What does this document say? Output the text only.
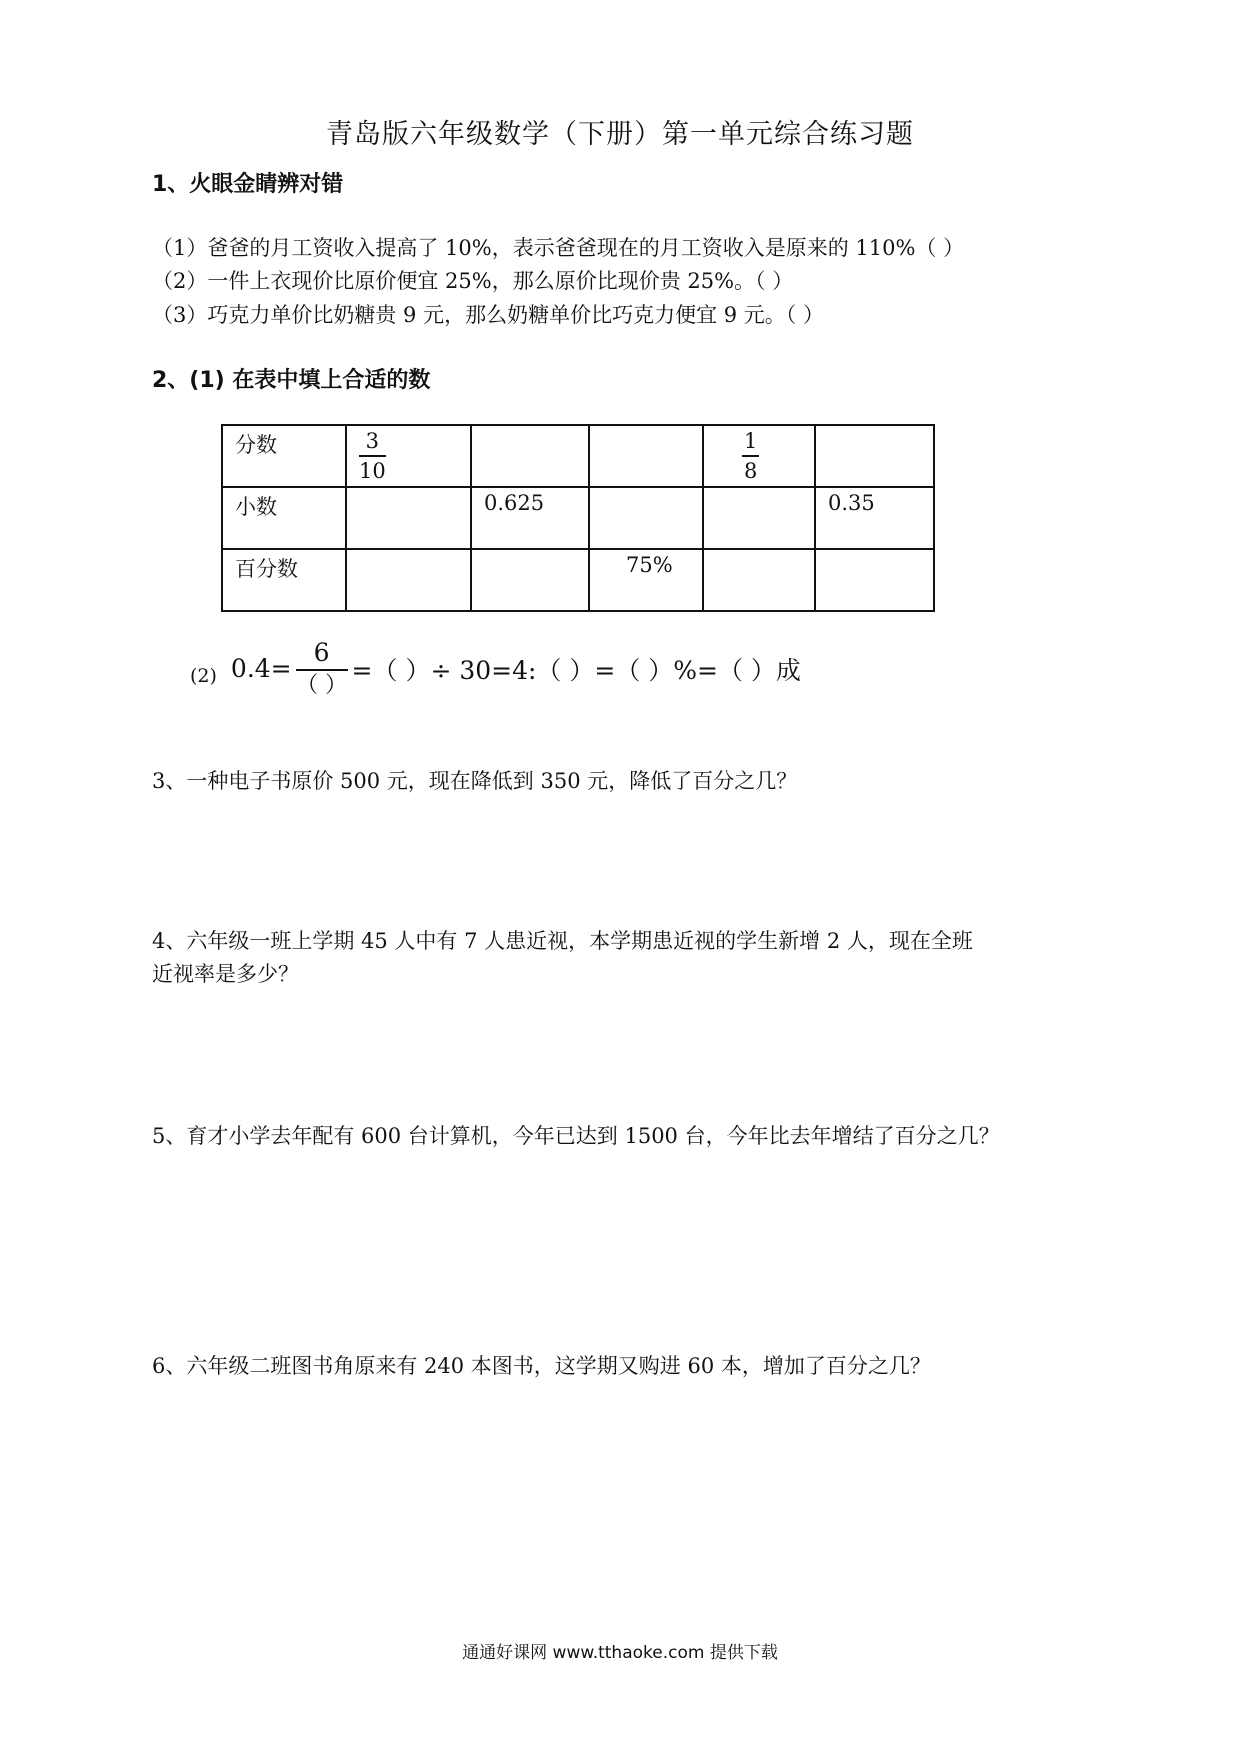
青岛版六年级数学（下册）第一单元综合练习题
1、火眼金睛辨对错
（1）爸爸的月工资收入提高了 10%，表示爸爸现在的月工资收入是原来的 110%（ ）
（2）一件上衣现价比原价便宜 25%，那么原价比现价贵 25%。（ ）
（3）巧克力单价比奶糖贵 9 元，那么奶糖单价比巧克力便宜 9 元。（ ）
2、(1) 在表中填上合适的数
分数	$\frac{3}{10}$			$\frac{1}{8}$

小数		0.625			0.35
百分数			75%		
(2) $0.4= \frac{6}{( )}$ =（ ）÷ 30=4:（ ）=（ ）%=（ ）成
3、一种电子书原价 500 元，现在降低到 350 元，降低了百分之几？
4、六年级一班上学期 45 人中有 7 人患近视，本学期患近视的学生新增 2 人，现在全班
近视率是多少？
5、育才小学去年配有 600 台计算机，今年已达到 1500 台，今年比去年增结了百分之几？
6、六年级二班图书角原来有 240 本图书，这学期又购进 60 本，增加了百分之几？
通通好课网 www.tthaoke.com 提供下载
